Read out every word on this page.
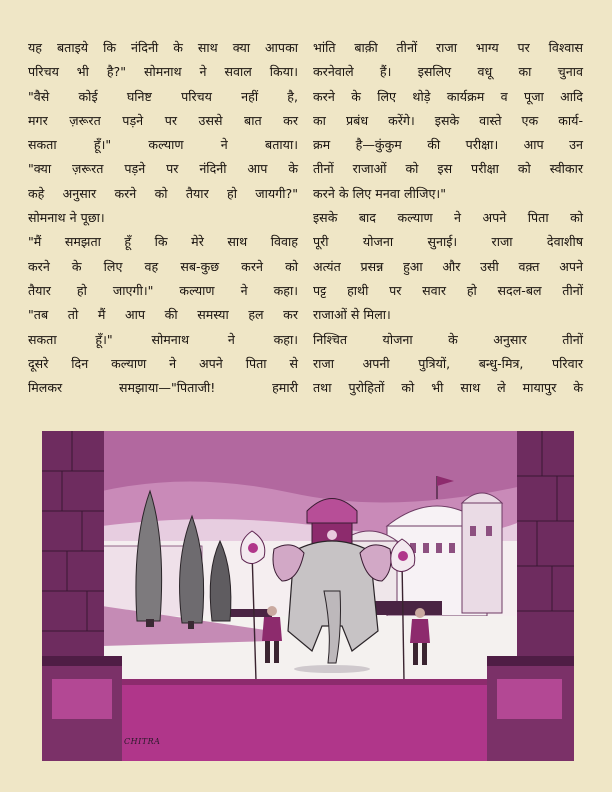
यह बताइये कि नंदिनी के साथ क्या आपका

परिचय भी है?" सोमनाथ ने सवाल किया।

"वैसे कोई घनिष्ट परिचय नहीं है,

मगर ज़रूरत पड़ने पर उससे बात कर

सकता हूँ।" कल्याण ने बताया।

"क्या ज़रूरत पड़ने पर नंदिनी आप के

कहे अनुसार करने को तैयार हो जायगी?"

सोमनाथ ने पूछा।

"मैं समझता हूँ कि मेरे साथ विवाह

करने के लिए वह सब-कुछ करने को

तैयार हो जाएगी।" कल्याण ने कहा।

"तब तो मैं आप की समस्या हल कर

सकता हूँ।" सोमनाथ ने कहा।

दूसरे दिन कल्याण ने अपने पिता से

मिलकर समझाया—"पिताजी! हमारी

भांति बाक़ी तीनों राजा भाग्य पर विश्वास

करनेवाले हैं। इसलिए वधू का चुनाव

करने के लिए थोड़े कार्यक्रम व पूजा आदि

का प्रबंध करेंगे। इसके वास्ते एक कार्य-

क्रम है—कुंकुम की परीक्षा। आप उन

तीनों राजाओं को इस परीक्षा को स्वीकार

करने के लिए मनवा लीजिए।"

इसके बाद कल्याण ने अपने पिता को

पूरी योजना सुनाई। राजा देवाशीष

अत्यंत प्रसन्न हुआ और उसी वक़्त अपने

पट्ट हाथी पर सवार हो सदल-बल तीनों

राजाओं से मिला।

निश्चित योजना के अनुसार तीनों

राजा अपनी पुत्रियों, बन्धु-मित्र, परिवार

तथा पुरोहितों को भी साथ ले मायापुर के

CHITRA
